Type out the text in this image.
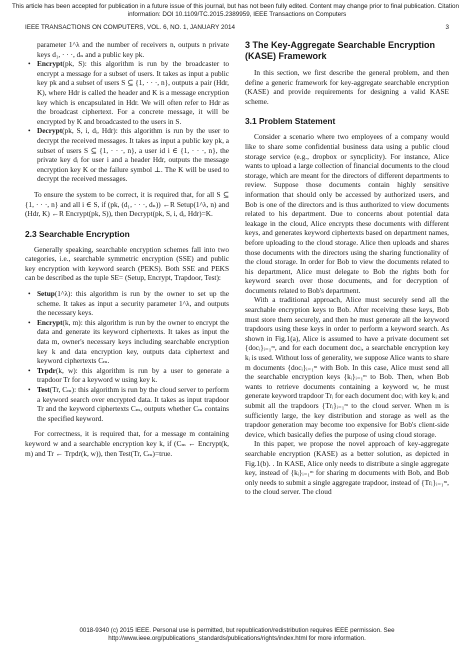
This article has been accepted for publication in a future issue of this journal, but has not been fully edited. Content may change prior to final publication. Citation
information: DOI 10.1109/TC.2015.2389959, IEEE Transactions on Computers
IEEE TRANSACTIONS ON COMPUTERS, VOL. 6, NO. 1, JANUARY 2014	3
parameter 1^λ and the number of receivers n, outputs n private keys d₁, · · ·, dₙ and a public key pk.
• Encrypt(pk, S): this algorithm is run by the broadcaster to encrypt a message for a subset of users. It takes as input a public key pk and a subset of users S ⊆ {1, · · ·, n}, outputs a pair (Hdr, K), where Hdr is called the header and K is a message encryption key which is encapsulated in Hdr. We will often refer to Hdr as the broadcast ciphertext. For a concrete message, it will be encrypted by K and broadcasted to the users in S.
• Decrypt(pk, S, i, dᵢ, Hdr): this algorithm is run by the user to decrypt the received messages. It takes as input a public key pk, a subset of users S ⊆ {1, · · ·, n}, a user id i ∈ {1, · · ·, n}, the private key dᵢ for user i and a header Hdr, outputs the message encryption key K or the failure symbol ⊥. The K will be used to decrypt the received messages.

To ensure the system to be correct, it is required that, for all S ⊆ {1, · · ·, n} and all i ∈ S, if (pk, (d₁, · · ·, dₙ)) ←R Setup(1^λ, n) and (Hdr, K) ←R Encrypt(pk, S)), then Decrypt(pk, S, i, dᵢ, Hdr)=K.

2.3 Searchable Encryption

Generally speaking, searchable encryption schemes fall into two categories, i.e., searchable symmetric encryption (SSE) and public key encryption with keyword search (PEKS). Both SSE and PEKS can be described as the tuple SE= (Setup, Encrypt, Trapdoor, Test):

• Setup(1^λ): this algorithm is run by the owner to set up the scheme. It takes as input a security parameter 1^λ, and outputs the necessary keys.
• Encrypt(k, m): this algorithm is run by the owner to encrypt the data and generate its keyword ciphertexts. It takes as input the data m, owner's necessary keys including searchable encryption key k and data encryption key, outputs data ciphertext and keyword ciphertexts Cₘ.
• Trpdr(k, w): this algorithm is run by a user to generate a trapdoor Tr for a keyword w using key k.
• Test(Tr, Cₘ): this algorithm is run by the cloud server to perform a keyword search over encrypted data. It takes as input trapdoor Tr and the keyword ciphertexts Cₘ, outputs whether Cₘ contains the specified keyword.

For correctness, it is required that, for a message m containing keyword w and a searchable encryption key k, if (Cₘ ← Encrypt(k, m) and Tr ← Trpdr(k, w)), then Test(Tr, Cₘ)=true.

3 The Key-Aggregate Searchable Encryption (KASE) Framework

In this section, we first describe the general problem, and then define a generic framework for key-aggregate searchable encryption (KASE) and provide requirements for designing a valid KASE scheme.

3.1 Problem Statement

Consider a scenario where two employees of a company would like to share some confidential business data using a public cloud storage service (e.g., dropbox or syncplicity). For instance, Alice wants to upload a large collection of financial documents to the cloud storage, which are meant for the directors of different departments to review. Suppose those documents contain highly sensitive information that should only be accessed by authorized users, and Bob is one of the directors and is thus authorized to view documents related to his department. Due to concerns about potential data leakage in the cloud, Alice encrypts these documents with different keys, and generates keyword ciphertexts based on department names, before uploading to the cloud storage. Alice then uploads and shares those documents with the directors using the sharing functionality of the cloud storage. In order for Bob to view the documents related to his department, Alice must delegate to Bob the rights both for keyword search over those documents, and for decryption of documents related to Bob's department.

With a traditional approach, Alice must securely send all the searchable encryption keys to Bob. After receiving these keys, Bob must store them securely, and then he must generate all the keyword trapdoors using these keys in order to perform a keyword search. As shown in Fig.1(a), Alice is assumed to have a private document set {docᵢ}ᵢ₌₁ᵐ, and for each document docᵢ, a searchable encryption key kᵢ is used. Without loss of generality, we suppose Alice wants to share m documents {docᵢ}ᵢ₌₁ᵐ with Bob. In this case, Alice must send all the searchable encryption keys {kᵢ}ᵢ₌₁ᵐ to Bob. Then, when Bob wants to retrieve documents containing a keyword w, he must generate keyword trapdoor Trᵢ for each document docᵢ with key kᵢ and submit all the trapdoors {Trᵢ}ᵢ₌₁ᵐ to the cloud server. When m is sufficiently large, the key distribution and storage as well as the trapdoor generation may become too expensive for Bob's client-side device, which basically defies the purpose of using cloud storage.

In this paper, we propose the novel approach of key-aggregate searchable encryption (KASE) as a better solution, as depicted in Fig.1(b). . In KASE, Alice only needs to distribute a single aggregate key, instead of {kᵢ}ᵢ₌₁ᵐ for sharing m documents with Bob, and Bob only needs to submit a single aggregate trapdoor, instead of {Trᵢ}ᵢ₌₁ᵐ, to the cloud server. The cloud

0018-9340 (c) 2015 IEEE. Personal use is permitted, but republication/redistribution requires IEEE permission. See
http://www.ieee.org/publications_standards/publications/rights/index.html for more information.
